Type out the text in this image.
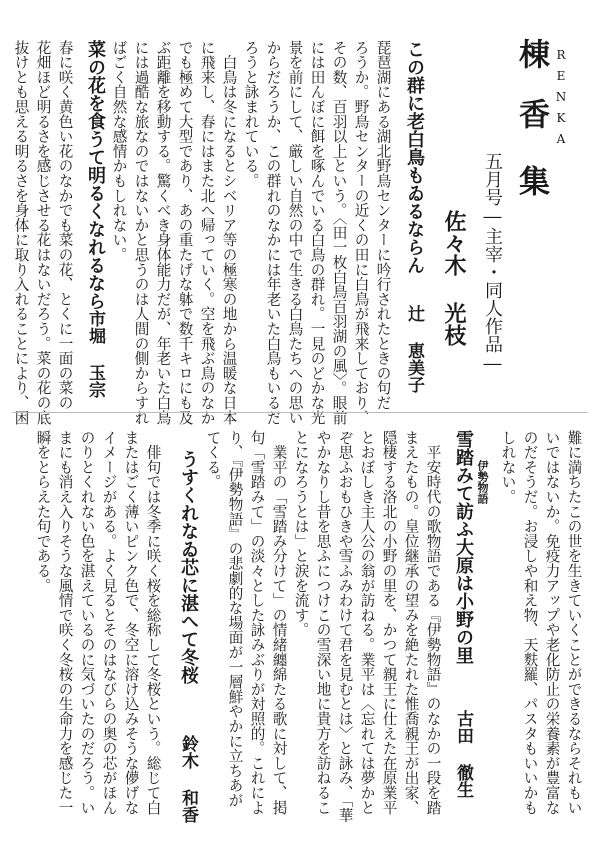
棟 RENKA

香 集

五月号―主宰・同人作品―

佐々木 光枝

この群に老白鳥もゐるならん

辻 恵美子

琵琶湖にある湖北野鳥センターに吟行されたときの句だ

ろうか。野鳥センターの近くの田に白鳥が飛来しており、

その数、百羽以上という。〈田一枚白鳥百羽湖の風〉。眼前

には田んぼに餌を啄んでいる白鳥の群れ。一見のどかな光

景を前にして、厳しい自然の中で生きる白鳥たちへの思い

からだろうか、この群れのなかには年老いた白鳥もいるだ

ろうと詠まれている。

　白鳥は冬になるとシベリア等の極寒の地から温暖な日本

に飛来し、春にはまた北へ帰っていく。空を飛ぶ鳥のなか

でも極めて大型であり、あの重たげな躰で数千キロにも及

ぶ距離を移動する。驚くべき身体能力だが、年老いた白鳥

には過酷な旅なのではないかと思うのは人間の側からすれ

ばごく自然な感情かもしれない。

菜の花を食うて明るくなれるなら

市堀 玉宗

春に咲く黄色い花のなかでも菜の花、とくに一面の菜の

花畑ほど明るさを感じさせる花はないだろう。菜の花の底

抜けとも思える明るさを身体に取り入れることにより、困

難に満ちたこの世を生きていくことができるならそれもい

いではないか。免疫力アップや老化防止の栄養素が豊富な

のだそうだ。お浸しや和え物、天麩羅、パスタもいいかも

しれない。

伊勢物語

雪踏みて訪ふ大原は小野の里

古田 徹生

　平安時代の歌物語である『伊勢物語』のなかの一段を踏

まえたもの。皇位継承の望みを絶たれた惟喬親王が出家、

隠棲する洛北の小野の里を、かつて親王に仕えた在原業平

とおぼしき主人公の翁が訪ねる。業平は〈忘れては夢かと

ぞ思ふおもひきや雪ふみわけて君を見むとは〉と詠み、「華

やかなりし昔を思ふにつけこの雪深い地に貴方を訪ねるこ

とになろうとは」と涙を流す。

　業平の「雪踏み分けて」の情緒纏綿たる歌に対して、掲

句「雪踏みて」の淡々とした詠みぶりが対照的。これによ

り、『伊勢物語』の悲劇的な場面が一層鮮やかに立ちあが

てくる。

うすくれなゐ芯に湛へて冬桜

鈴木 和香

　俳句では冬季に咲く桜を総称して冬桜という。総じて白

またはごく薄いピンク色で、冬空に溶け込みそうな儚げな

イメージがある。よく見るとそのはなびらの奥の芯がほん

のりとくれない色を湛えているのに気づいたのだろう。い

まにも消え入りそうな風情で咲く冬桜の生命力を感じた一

瞬をとらえた句である。
